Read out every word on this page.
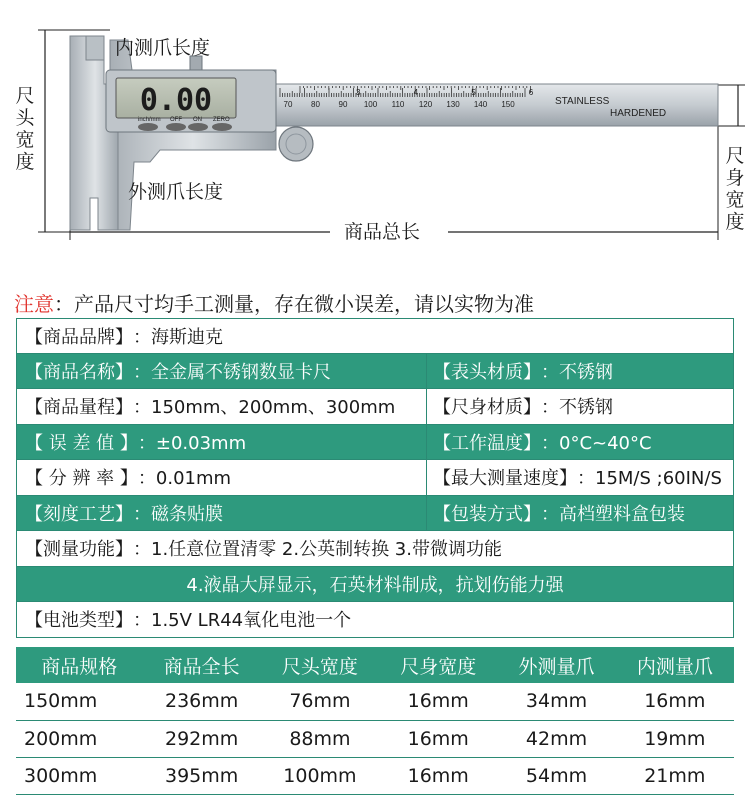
70 80 90 100 110 120 130 140 150
3	4	5	6
0.00
inch/mm OFF ON ZERO
STAINLESS
HARDENED
内测爪长度
外测爪长度
商品总长
尺
头
宽
度	尺
身
宽
度
注意：产品尺寸均手工测量，存在微小误差，请以实物为准
【商品品牌】 ：海斯迪克
【商品名称】 ：全金属不锈钢数显卡尺	【表头材质】 ：不锈钢
【商品量程】 ：150mm、200mm、300mm 【尺身材质】 ：不锈钢
【 误 差 值 】 ：±0.03mm	【工作温度】 ：0°C~40°C
【 分 辨 率 】 ：0.01mm	【最大测量速度】 ：15M/S ;60IN/S
【刻度工艺】 ：磁条贴膜	【包装方式】 ：高档塑料盒包装
【测量功能】 ：1.任意位置清零 2.公英制转换 3.带微调功能
4.液晶大屏显示，石英材料制成，抗划伤能力强
【电池类型】 ：1.5V LR44氧化电池一个
商品规格	商品全长	尺头宽度	尺身宽度	外测量爪	内测量爪
150mm	236mm	76mm	16mm	34mm	16mm
200mm	292mm	88mm	16mm	42mm	19mm
300mm	395mm	100mm	16mm	54mm	21mm
